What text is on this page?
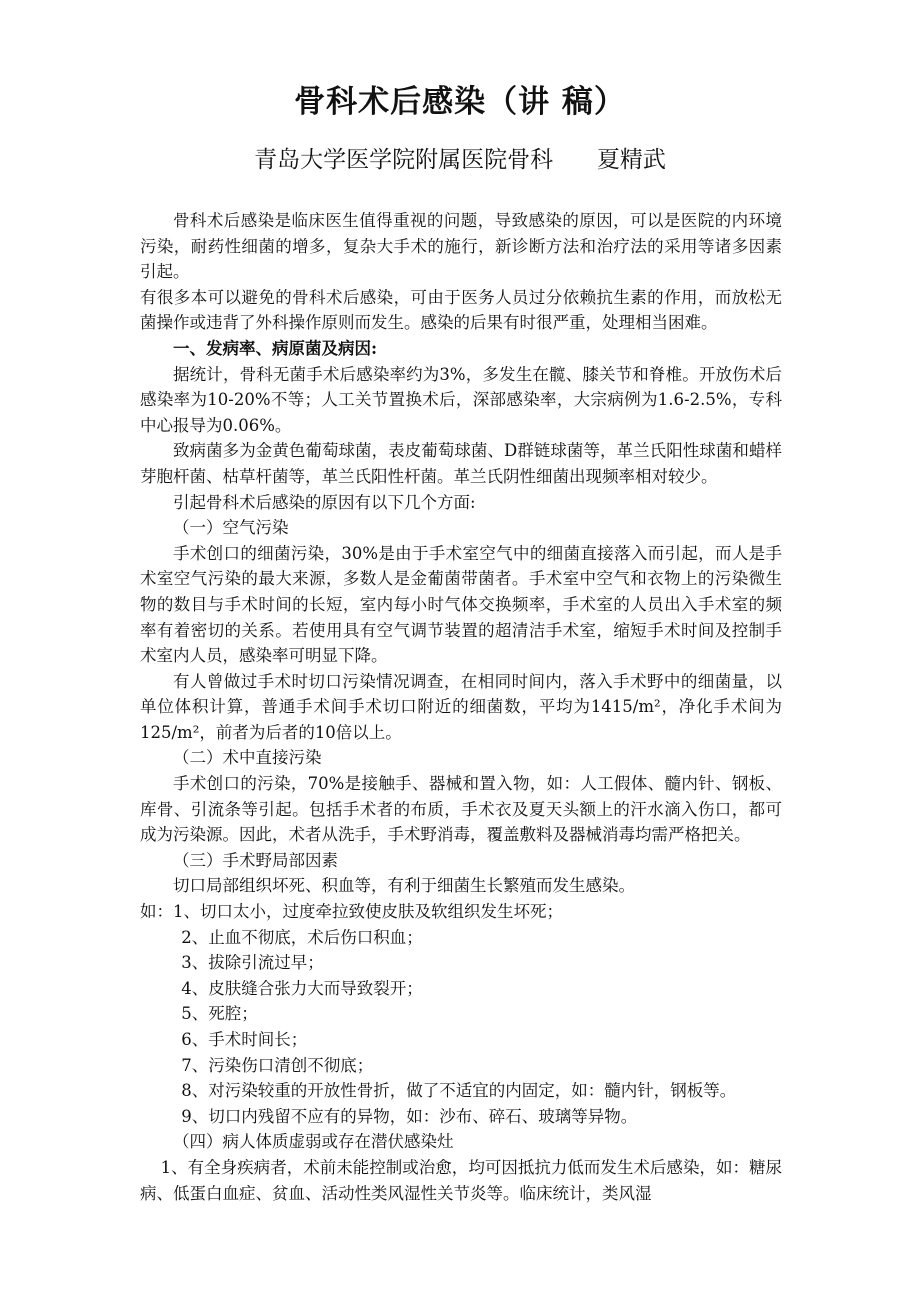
骨科术后感染（讲 稿）
青岛大学医学院附属医院骨科      夏精武

骨科术后感染是临床医生值得重视的问题，导致感染的原因，可以是医院的内环境污染，耐药性细菌的增多，复杂大手术的施行，新诊断方法和治疗法的采用等诸多因素引起。

有很多本可以避免的骨科术后感染，可由于医务人员过分依赖抗生素的作用，而放松无菌操作或违背了外科操作原则而发生。感染的后果有时很严重，处理相当困难。

一、发病率、病原菌及病因:

据统计，骨科无菌手术后感染率约为3%，多发生在髋、膝关节和脊椎。开放伤术后感染率为10-20%不等；人工关节置换术后，深部感染率，大宗病例为1.6-2.5%，专科中心报导为0.06%。

致病菌多为金黄色葡萄球菌，表皮葡萄球菌、D群链球菌等，革兰氏阳性球菌和蜡样芽胞杆菌、枯草杆菌等，革兰氏阳性杆菌。革兰氏阴性细菌出现频率相对较少。

引起骨科术后感染的原因有以下几个方面:

（一）空气污染

手术创口的细菌污染，30%是由于手术室空气中的细菌直接落入而引起，而人是手术室空气污染的最大来源，多数人是金葡菌带菌者。手术室中空气和衣物上的污染微生物的数目与手术时间的长短，室内每小时气体交换频率，手术室的人员出入手术室的频率有着密切的关系。若使用具有空气调节装置的超清洁手术室，缩短手术时间及控制手术室内人员，感染率可明显下降。

有人曾做过手术时切口污染情况调查，在相同时间内，落入手术野中的细菌量，以单位体积计算，普通手术间手术切口附近的细菌数，平均为1415/m²，净化手术间为125/m²，前者为后者的10倍以上。

（二）术中直接污染

手术创口的污染，70%是接触手、器械和置入物，如：人工假体、髓内针、钢板、库骨、引流条等引起。包括手术者的布质，手术衣及夏天头额上的汗水滴入伤口，都可成为污染源。因此，术者从洗手，手术野消毒，覆盖敷料及器械消毒均需严格把关。

（三）手术野局部因素

切口局部组织坏死、积血等，有利于细菌生长繁殖而发生感染。

如：1、切口太小，过度牵拉致使皮肤及软组织发生坏死；

2、止血不彻底，术后伤口积血；

3、拔除引流过早；

4、皮肤缝合张力大而导致裂开；

5、死腔；

6、手术时间长；

7、污染伤口清创不彻底；

8、对污染较重的开放性骨折，做了不适宜的内固定，如：髓内针，钢板等。

9、切口内残留不应有的异物，如：沙布、碎石、玻璃等异物。

（四）病人体质虚弱或存在潜伏感染灶

1、有全身疾病者，术前未能控制或治愈，均可因抵抗力低而发生术后感染，如：糖尿病、低蛋白血症、贫血、活动性类风湿性关节炎等。临床统计，类风湿
